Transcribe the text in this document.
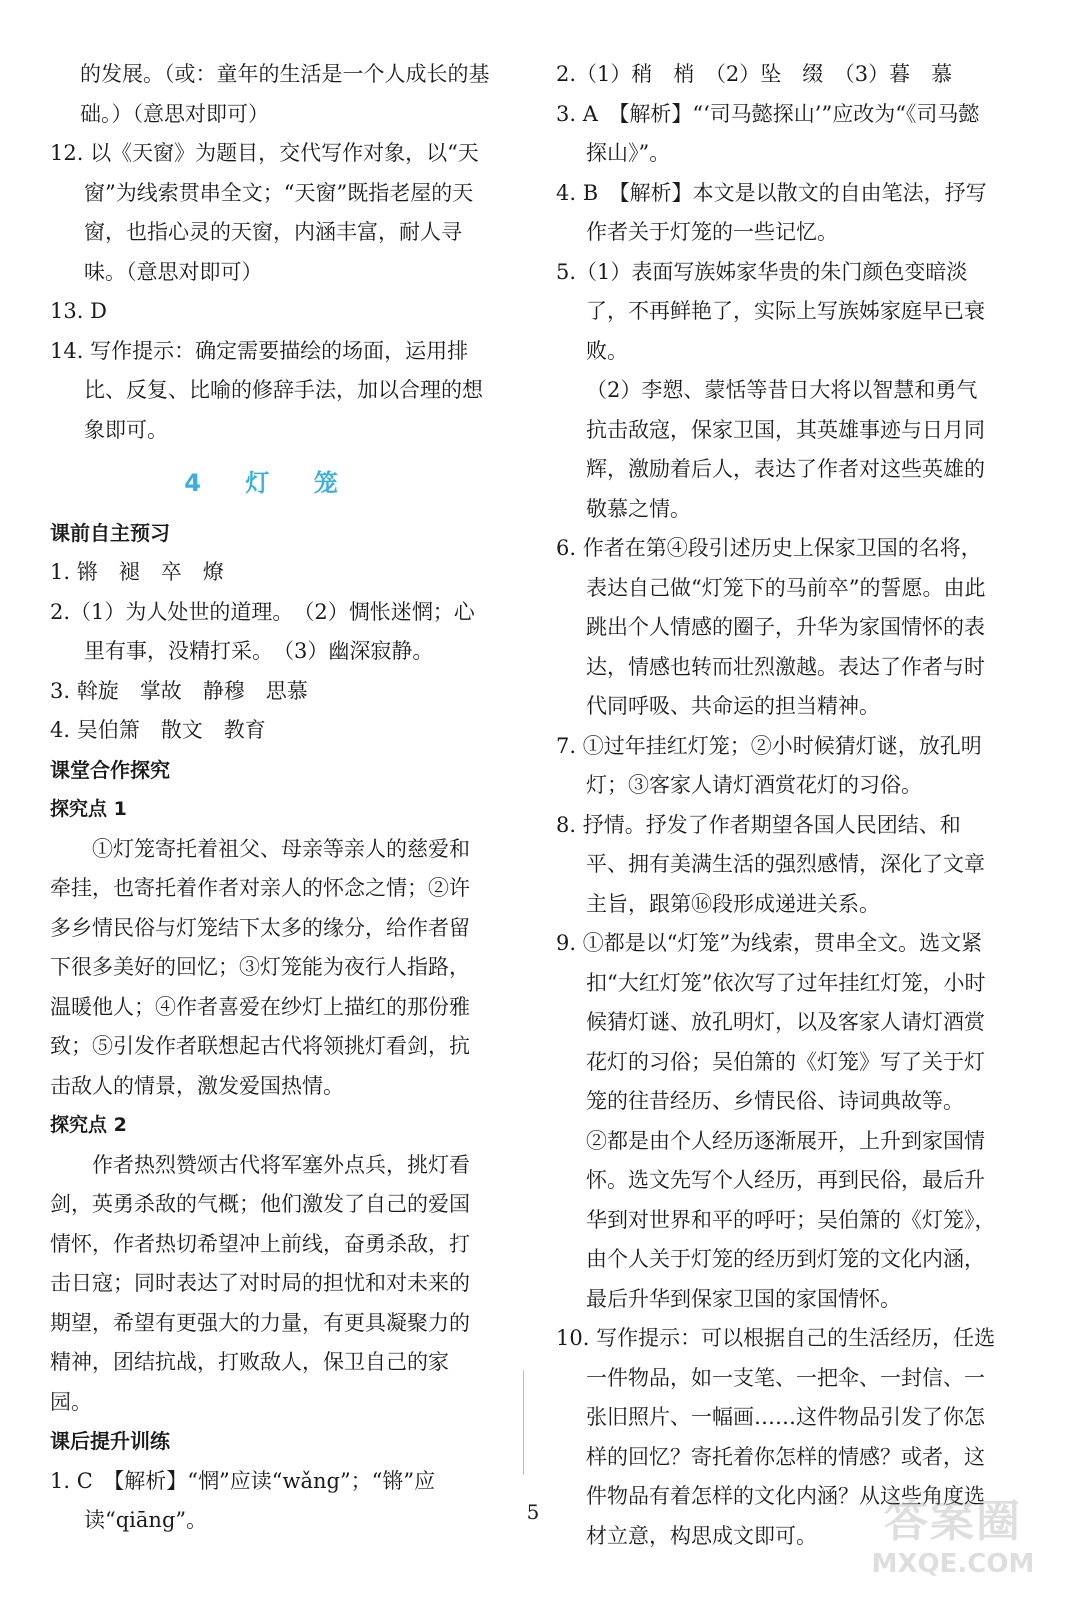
的发展。（或：童年的生活是一个人成长的基础。）（意思对即可）

12. 以《天窗》为题目，交代写作对象，以“天窗”为线索贯串全文；“天窗”既指老屋的天窗，也指心灵的天窗，内涵丰富，耐人寻味。（意思对即可）

13. D

14. 写作提示：确定需要描绘的场面，运用排比、反复、比喻的修辞手法，加以合理的想象即可。

4 灯 笼
课前自主预习

1. 锵　褪　卒　燎

2.（1）为人处世的道理。　（2）惆怅迷惘；心里有事，没精打采。　（3）幽深寂静。

3. 斡旋　掌故　静穆　思慕

4. 吴伯箫　散文　教育

课堂合作探究
探究点 1

①灯笼寄托着祖父、母亲等亲人的慈爱和牵挂，也寄托着作者对亲人的怀念之情；②许多乡情民俗与灯笼结下太多的缘分，给作者留下很多美好的回忆；③灯笼能为夜行人指路，温暖他人；④作者喜爱在纱灯上描红的那份雅致；⑤引发作者联想起古代将领挑灯看剑，抗击敌人的情景，激发爱国热情。

探究点 2

作者热烈赞颂古代将军塞外点兵，挑灯看剑，英勇杀敌的气概；他们激发了自己的爱国情怀，作者热切希望冲上前线，奋勇杀敌，打击日寇；同时表达了对时局的担忧和对未来的期望，希望有更强大的力量，有更具凝聚力的精神，团结抗战，打败敌人，保卫自己的家园。

课后提升训练

1. C　【解析】“惘”应读“wǎng”；“锵”应读“qiāng”。

2.（1）稍　梢　（2）坠　缀　（3）暮　慕

3. A　【解析】“‘司马懿探山’”应改为“《司马懿探山》”。

4. B　【解析】本文是以散文的自由笔法，抒写作者关于灯笼的一些记忆。

5.（1）表面写族姊家华贵的朱门颜色变暗淡了，不再鲜艳了，实际上写族姊家庭早已衰败。

（2）李愬、蒙恬等昔日大将以智慧和勇气抗击敌寇，保家卫国，其英雄事迹与日月同辉，激励着后人，表达了作者对这些英雄的敬慕之情。

6. 作者在第④段引述历史上保家卫国的名将，表达自己做“灯笼下的马前卒”的誓愿。由此跳出个人情感的圈子，升华为家国情怀的表达，情感也转而壮烈激越。表达了作者与时代同呼吸、共命运的担当精神。

7. ①过年挂红灯笼；②小时候猜灯谜，放孔明灯；③客家人请灯酒赏花灯的习俗。

8. 抒情。抒发了作者期望各国人民团结、和平、拥有美满生活的强烈感情，深化了文章主旨，跟第⑯段形成递进关系。

9. ①都是以“灯笼”为线索，贯串全文。选文紧扣“大红灯笼”依次写了过年挂红灯笼，小时候猜灯谜、放孔明灯，以及客家人请灯酒赏花灯的习俗；吴伯箫的《灯笼》写了关于灯笼的往昔经历、乡情民俗、诗词典故等。

②都是由个人经历逐渐展开，上升到家国情怀。选文先写个人经历，再到民俗，最后升华到对世界和平的呼吁；吴伯箫的《灯笼》，由个人关于灯笼的经历到灯笼的文化内涵，最后升华到保家卫国的家国情怀。

10. 写作提示：可以根据自己的生活经历，任选一件物品，如一支笔、一把伞、一封信、一张旧照片、一幅画……这件物品引发了你怎样的回忆？寄托着你怎样的情感？或者，这件物品有着怎样的文化内涵？从这些角度选材立意，构思成文即可。

5	答案圈
MXQE.COM
